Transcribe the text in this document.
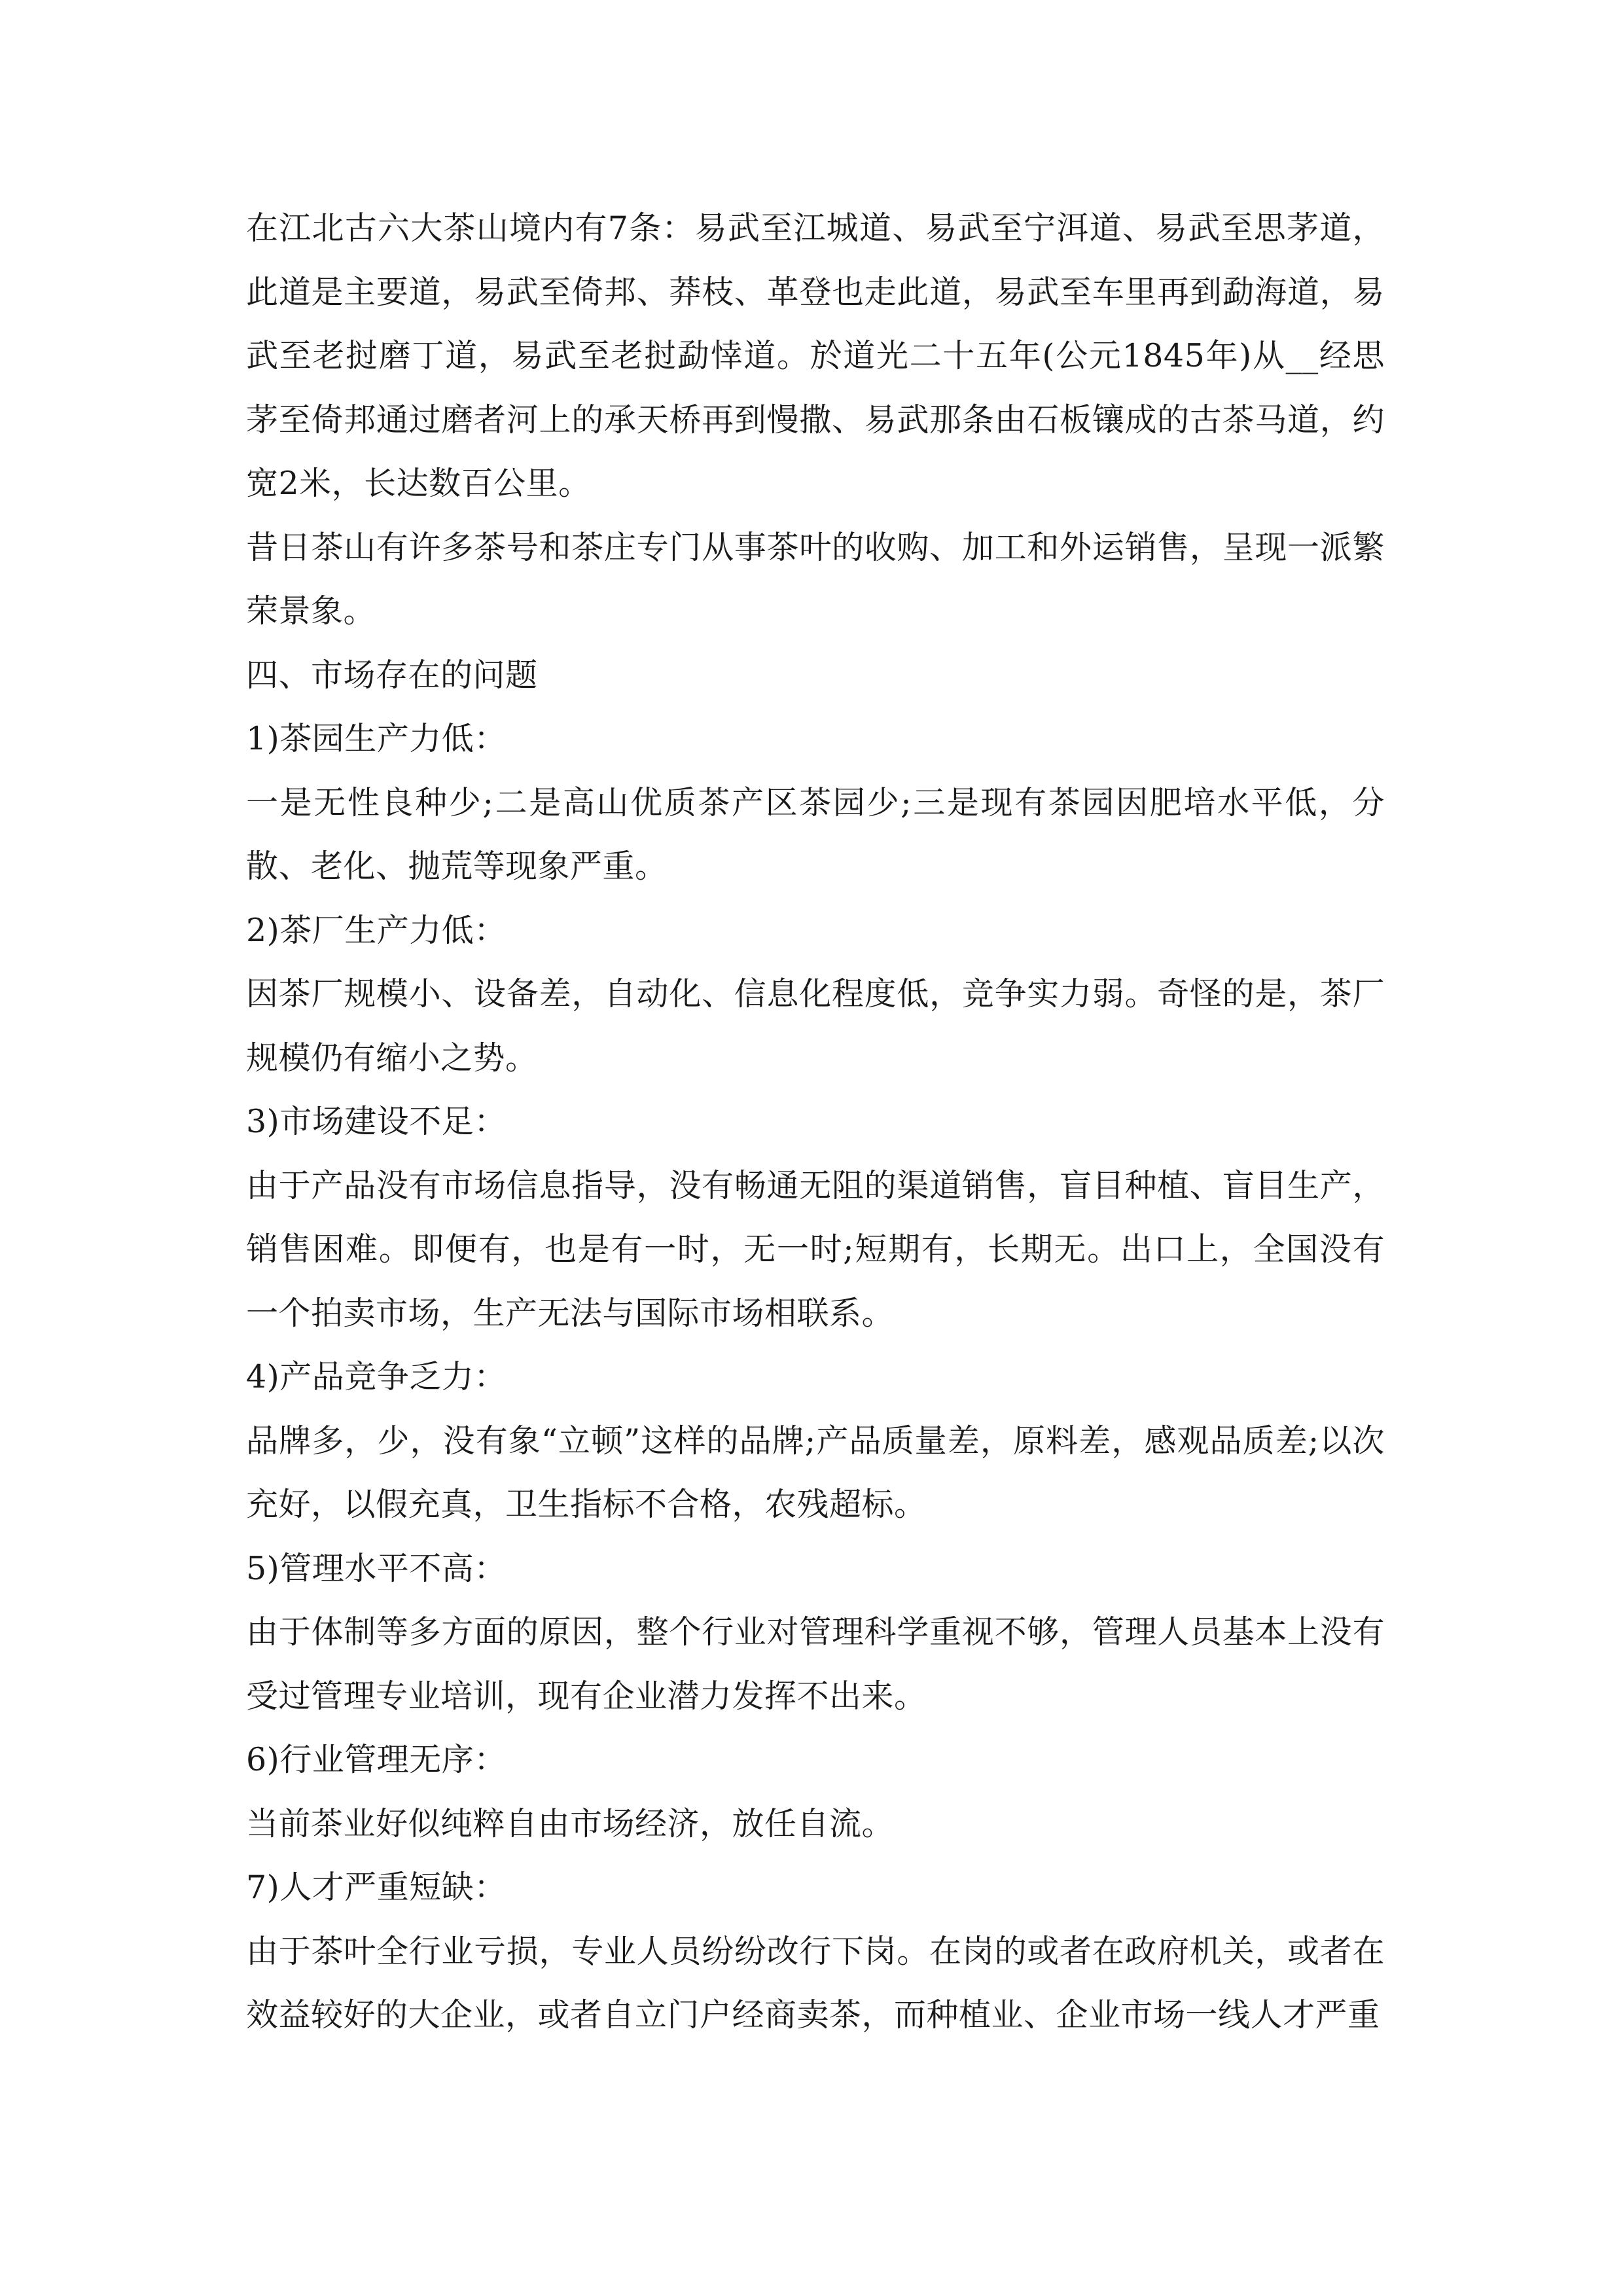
在江北古六大茶山境内有7条：易武至江城道、易武至宁洱道、易武至思茅道，此道是主要道，易武至倚邦、莽枝、革登也走此道，易武至车里再到勐海道，易武至老挝磨丁道，易武至老挝勐悻道。於道光二十五年(公元1845年)从__经思茅至倚邦通过磨者河上的承天桥再到慢撒、易武那条由石板镶成的古茶马道，约宽2米，长达数百公里。

昔日茶山有许多茶号和茶庄专门从事茶叶的收购、加工和外运销售，呈现一派繁荣景象。

四、市场存在的问题

1)茶园生产力低：

一是无性良种少;二是高山优质茶产区茶园少;三是现有茶园因肥培水平低，分散、老化、抛荒等现象严重。

2)茶厂生产力低：

因茶厂规模小、设备差，自动化、信息化程度低，竞争实力弱。奇怪的是，茶厂规模仍有缩小之势。

3)市场建设不足：

由于产品没有市场信息指导，没有畅通无阻的渠道销售，盲目种植、盲目生产，销售困难。即便有，也是有一时，无一时;短期有，长期无。出口上，全国没有一个拍卖市场，生产无法与国际市场相联系。

4)产品竞争乏力：

品牌多，少，没有象“立顿”这样的品牌;产品质量差，原料差，感观品质差;以次充好，以假充真，卫生指标不合格，农残超标。

5)管理水平不高：

由于体制等多方面的原因，整个行业对管理科学重视不够，管理人员基本上没有受过管理专业培训，现有企业潜力发挥不出来。

6)行业管理无序：

当前茶业好似纯粹自由市场经济，放任自流。

7)人才严重短缺：

由于茶叶全行业亏损，专业人员纷纷改行下岗。在岗的或者在政府机关，或者在效益较好的大企业，或者自立门户经商卖茶，而种植业、企业市场一线人才严重
